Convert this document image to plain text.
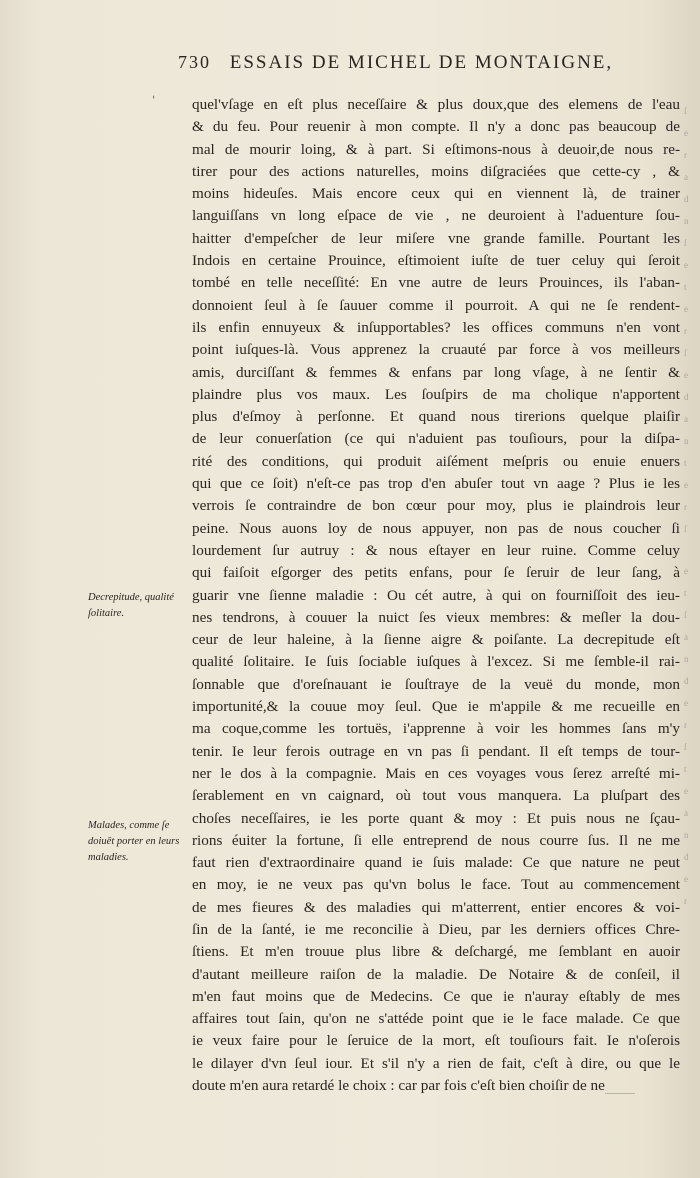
730 ESSAIS DE MICHEL DE MONTAIGNE,
ˈ quel'vſage en eſt plus neceſſaire & plus doux,que des elemens de l'eau
& du feu. Pour reuenir à mon compte. Il n'y a donc pas beaucoup de
mal de mourir loing, & à part. Si eſtimons-nous à deuoir,de nous re-
tirer pour des actions naturelles, moins diſgraciées que cette-cy , &
moins hideuſes. Mais encore ceux qui en viennent là, de trainer
languiſſans vn long eſpace de vie , ne deuroient à l'aduenture ſou-
haitter d'empeſcher de leur miſere vne grande famille. Pourtant les
Indois en certaine Prouince, eſtimoient iuſte de tuer celuy qui ſeroit
tombé en telle neceſſité: En vne autre de leurs Prouinces, ils l'aban-
donnoient ſeul à ſe ſauuer comme il pourroit. A qui ne ſe rendent-
ils enfin ennuyeux & inſupportables? les offices communs n'en vont
point iuſques-là. Vous apprenez la cruauté par force à vos meilleurs
amis, durciſſant & femmes & enfans par long vſage, à ne ſentir &
plaindre plus vos maux. Les ſouſpirs de ma cholique n'apportent
plus d'eſmoy à perſonne. Et quand nous tirerions quelque plaiſir
de leur conuerſation (ce qui n'aduient pas touſiours, pour la diſpa-
rité des conditions, qui produit aiſément meſpris ou enuie enuers
qui que ce ſoit) n'eſt-ce pas trop d'en abuſer tout vn aage ? Plus ie les
verrois ſe contraindre de bon cœur pour moy, plus ie plaindrois leur
peine. Nous auons loy de nous appuyer, non pas de nous coucher ſi
lourdement ſur autruy : & nous eſtayer en leur ruine. Comme celuy
qui faiſoit eſgorger des petits enfans, pour ſe ſeruir de leur ſang, à
guarir vne ſienne maladie : Ou cét autre, à qui on fourniſſoit des ieu-
nes tendrons, à couuer la nuict ſes vieux membres: & meſler la dou-
ceur de leur haleine, à la ſienne aigre & poiſante. La decrepitude eſt
qualité ſolitaire. Ie ſuis ſociable iuſques à l'excez. Si me ſemble-il rai-
ſonnable que d'oreſnauant ie ſouſtraye de la veuë du monde, mon
importunité,& la couue moy ſeul. Que ie m'appile & me recueille en
ma coque,comme les tortuës, i'apprenne à voir les hommes ſans m'y
tenir. Ie leur ferois outrage en vn pas ſi pendant. Il eſt temps de tour-
ner le dos à la compagnie. Mais en ces voyages vous ſerez arreſté mi-
ſerablement en vn caignard, où tout vous manquera. La pluſpart des
choſes neceſſaires, ie les porte quant & moy : Et puis nous ne ſçau-
rions éuiter la fortune, ſi elle entreprend de nous courre ſus. Il ne me
faut rien d'extraordinaire quand ie ſuis malade: Ce que nature ne peut
en moy, ie ne veux pas qu'vn bolus le face. Tout au commencement
de mes fieures & des maladies qui m'atterrent, entier encores & voi-
ſin de la ſanté, ie me reconcilie à Dieu, par les derniers offices Chre-
ſtiens. Et m'en trouue plus libre & deſchargé, me ſemblant en auoir
d'autant meilleure raiſon de la maladie. De Notaire & de conſeil, il
m'en faut moins que de Medecins. Ce que ie n'auray eſtably de mes
affaires tout ſain, qu'on ne s'attéde point que ie le face malade. Ce que
ie veux faire pour le ſeruice de la mort, eſt touſiours fait. Ie n'oſerois
le dilayer d'vn ſeul iour. Et s'il n'y a rien de fait, c'eſt à dire, ou que le
doute m'en aura retardé le choix : car par fois c'eſt bien choiſir de ne
Decrepitude, qualité ſolitaire.
Malades, comme ſe doiuēt porter en leurs maladies.
ſ
e
r
a
d
n
ſ
e
t
e
r
ſ
e
d
a
n
t
e
r
ſ
e
t
ſ
a
n
d
e
r
ſ
t
e
a
n
d
e
r
